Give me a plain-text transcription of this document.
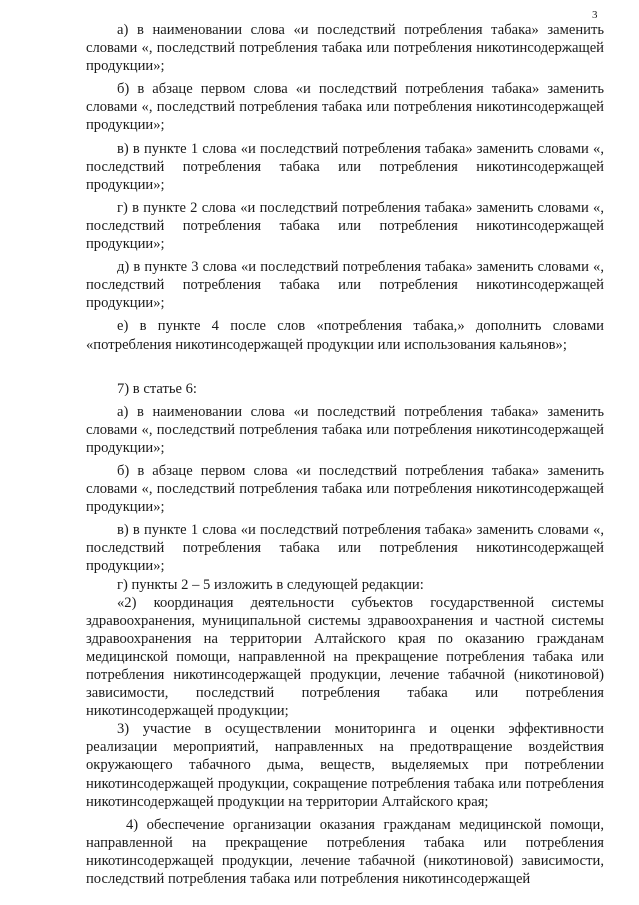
3

а) в наименовании слова «и последствий потребления табака» заменить словами «, последствий потребления табака или потребления никотинсодержащей продукции»;

б) в абзаце первом слова «и последствий потребления табака» заменить словами «, последствий потребления табака или потребления никотинсодержащей продукции»;

в) в пункте 1 слова «и последствий потребления табака» заменить словами «, последствий потребления табака или потребления никотинсодержащей продукции»;

г) в пункте 2 слова «и последствий потребления табака» заменить словами «, последствий потребления табака или потребления никотинсодержащей продукции»;

д) в пункте 3 слова «и последствий потребления табака» заменить словами «, последствий потребления табака или потребления никотинсодержащей продукции»;

е) в пункте 4 после слов «потребления табака,» дополнить словами «потребления никотинсодержащей продукции или использования кальянов»;

7) в статье 6:

а) в наименовании слова «и последствий потребления табака» заменить словами «, последствий потребления табака или потребления никотинсодержащей продукции»;

б) в абзаце первом слова «и последствий потребления табака» заменить словами «, последствий потребления табака или потребления никотинсодержащей продукции»;

в) в пункте 1 слова «и последствий потребления табака» заменить словами «, последствий потребления табака или потребления никотинсодержащей продукции»;

г) пункты 2 – 5 изложить в следующей редакции:

«2) координация деятельности субъектов государственной системы здравоохранения, муниципальной системы здравоохранения и частной системы здравоохранения на территории Алтайского края по оказанию гражданам медицинской помощи, направленной на прекращение потребления табака или потребления никотинсодержащей продукции, лечение табачной (никотиновой) зависимости, последствий потребления табака или потребления никотинсодержащей продукции;

3) участие в осуществлении мониторинга и оценки эффективности реализации мероприятий, направленных на предотвращение воздействия окружающего табачного дыма, веществ, выделяемых при потреблении никотинсодержащей продукции, сокращение потребления табака или потребления никотинсодержащей продукции на территории Алтайского края;

4) обеспечение организации оказания гражданам медицинской помощи, направленной на прекращение потребления табака или потребления никотинсодержащей продукции, лечение табачной (никотиновой) зависимости, последствий потребления табака или потребления никотинсодержащей
